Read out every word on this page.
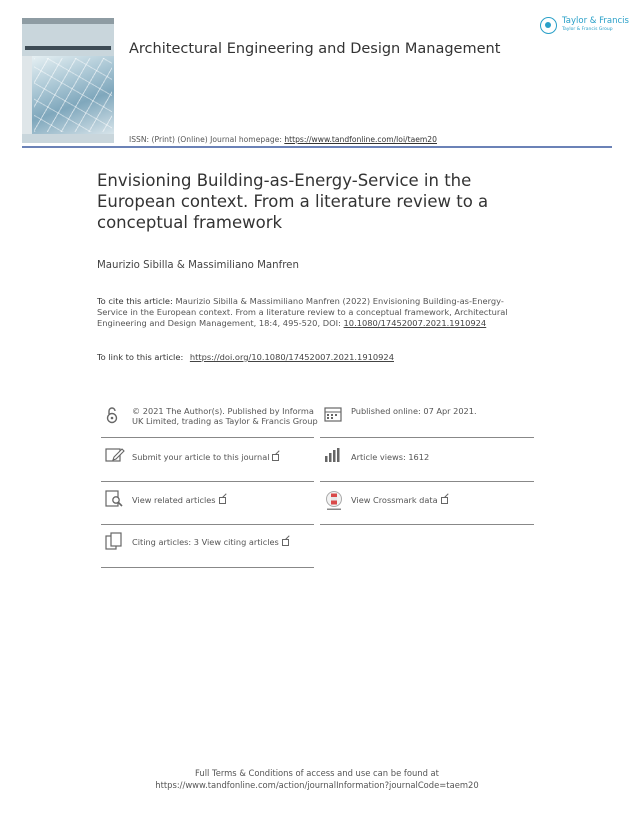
Architectural Engineering and Design Management
Taylor & Francis
Taylor & Francis Group
ISSN: (Print) (Online) Journal homepage: https://www.tandfonline.com/loi/taem20
Envisioning Building-as-Energy-Service in the European context. From a literature review to a conceptual framework
Maurizio Sibilla & Massimiliano Manfren
To cite this article: Maurizio Sibilla & Massimiliano Manfren (2022) Envisioning Building-as-Energy-Service in the European context. From a literature review to a conceptual framework, Architectural Engineering and Design Management, 18:4, 495-520, DOI: 10.1080/17452007.2021.1910924
To link to this article: https://doi.org/10.1080/17452007.2021.1910924
© 2021 The Author(s). Published by Informa UK Limited, trading as Taylor & Francis Group
Published online: 07 Apr 2021.
Submit your article to this journal	Article views: 1612
View related articles	View Crossmark data
Citing articles: 3 View citing articles
Full Terms & Conditions of access and use can be found at
https://www.tandfonline.com/action/journalInformation?journalCode=taem20
